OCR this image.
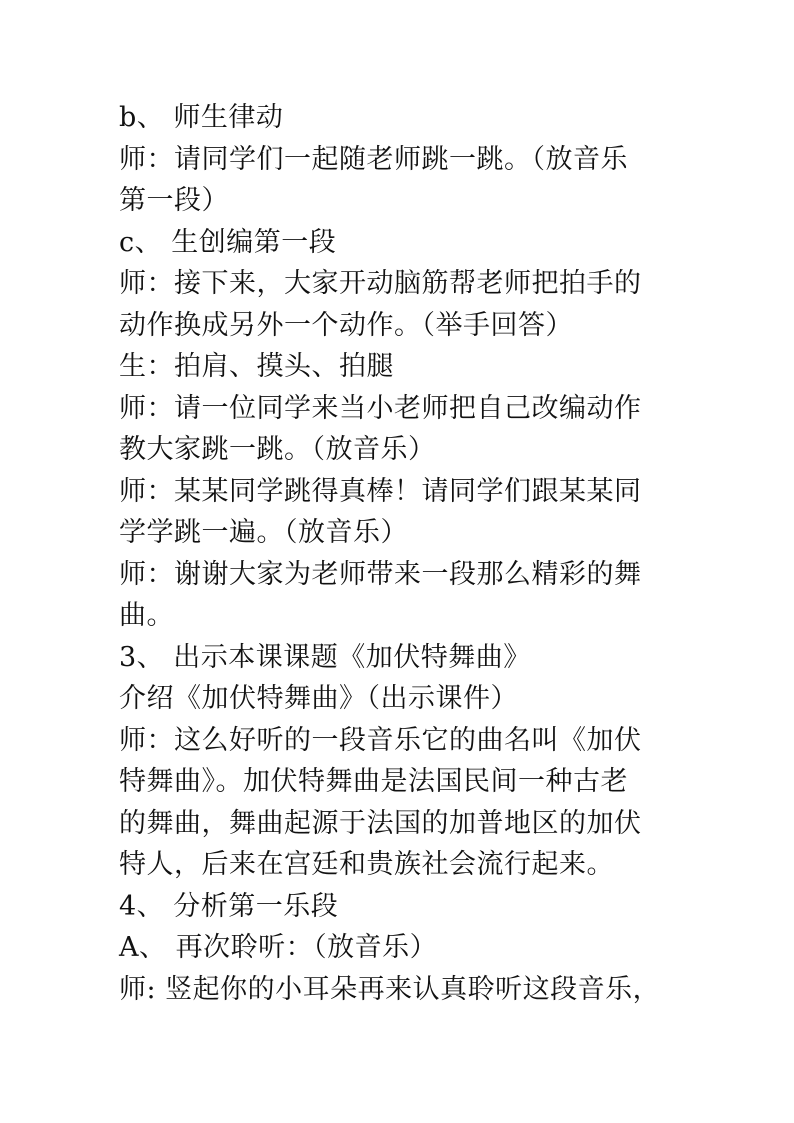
b、 师生律动
师：请同学们一起随老师跳一跳。（放音乐
第一段）
c、 生创编第一段
师：接下来，大家开动脑筋帮老师把拍手的
动作换成另外一个动作。（举手回答）
生：拍肩、摸头、拍腿
师：请一位同学来当小老师把自己改编动作
教大家跳一跳。（放音乐）
师：某某同学跳得真棒！请同学们跟某某同
学学跳一遍。（放音乐）
师：谢谢大家为老师带来一段那么精彩的舞
曲。
3、 出示本课课题《加伏特舞曲》
介绍《加伏特舞曲》（出示课件）
师：这么好听的一段音乐它的曲名叫《加伏
特舞曲》。加伏特舞曲是法国民间一种古老
的舞曲，舞曲起源于法国的加普地区的加伏
特人，后来在宫廷和贵族社会流行起来。
4、 分析第一乐段
A、 再次聆听：（放音乐）
师: 竖起你的小耳朵再来认真聆听这段音乐，
